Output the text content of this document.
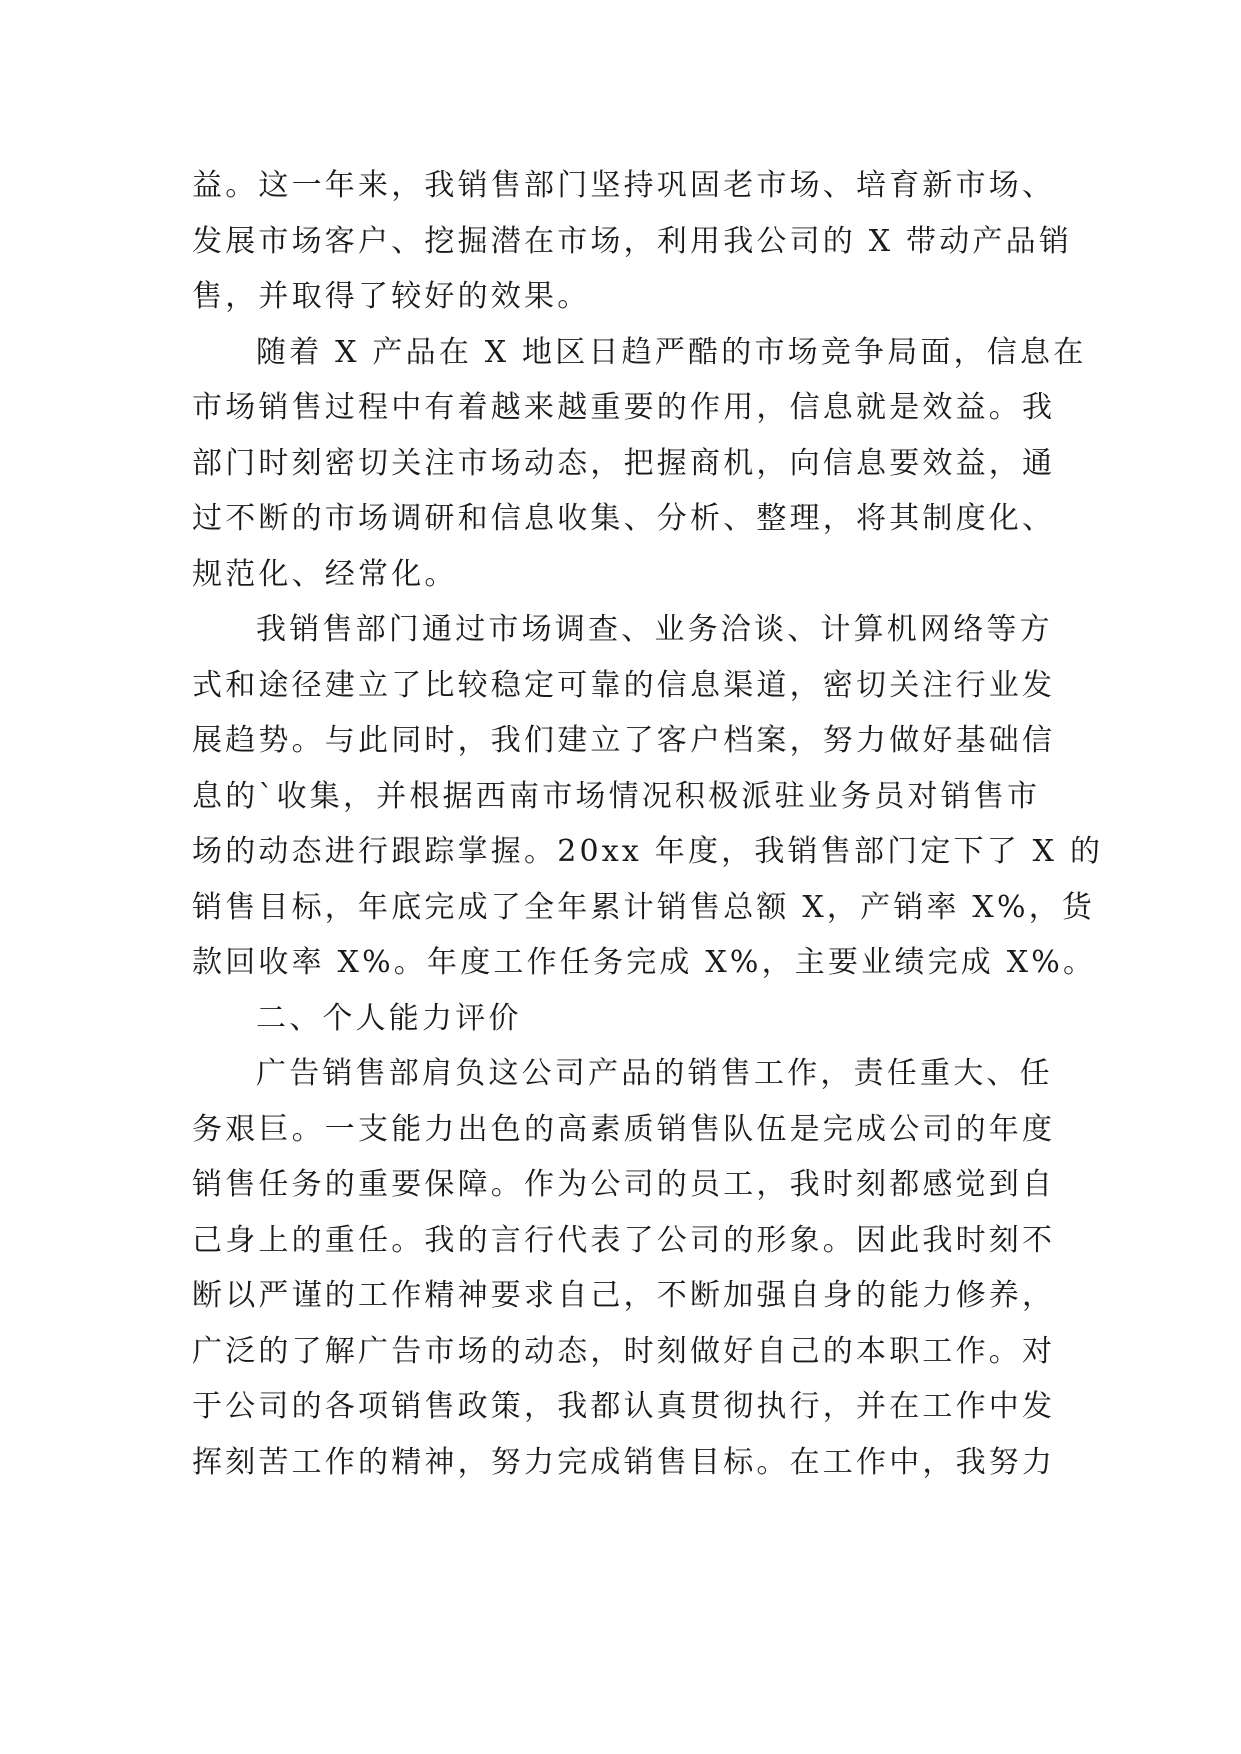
益。这一年来，我销售部门坚持巩固老市场、培育新市场、
发展市场客户、挖掘潜在市场，利用我公司的 X 带动产品销
售，并取得了较好的效果。
随着 X 产品在 X 地区日趋严酷的市场竞争局面，信息在
市场销售过程中有着越来越重要的作用，信息就是效益。我
部门时刻密切关注市场动态，把握商机，向信息要效益，通
过不断的市场调研和信息收集、分析、整理，将其制度化、
规范化、经常化。
我销售部门通过市场调查、业务洽谈、计算机网络等方
式和途径建立了比较稳定可靠的信息渠道，密切关注行业发
展趋势。与此同时，我们建立了客户档案，努力做好基础信
息的`收集，并根据西南市场情况积极派驻业务员对销售市
场的动态进行跟踪掌握。20xx 年度，我销售部门定下了 X 的
销售目标，年底完成了全年累计销售总额 X，产销率 X%，货
款回收率 X%。年度工作任务完成 X%，主要业绩完成 X%。
二、个人能力评价
广告销售部肩负这公司产品的销售工作，责任重大、任
务艰巨。一支能力出色的高素质销售队伍是完成公司的年度
销售任务的重要保障。作为公司的员工，我时刻都感觉到自
己身上的重任。我的言行代表了公司的形象。因此我时刻不
断以严谨的工作精神要求自己，不断加强自身的能力修养，
广泛的了解广告市场的动态，时刻做好自己的本职工作。对
于公司的各项销售政策，我都认真贯彻执行，并在工作中发
挥刻苦工作的精神，努力完成销售目标。在工作中，我努力
